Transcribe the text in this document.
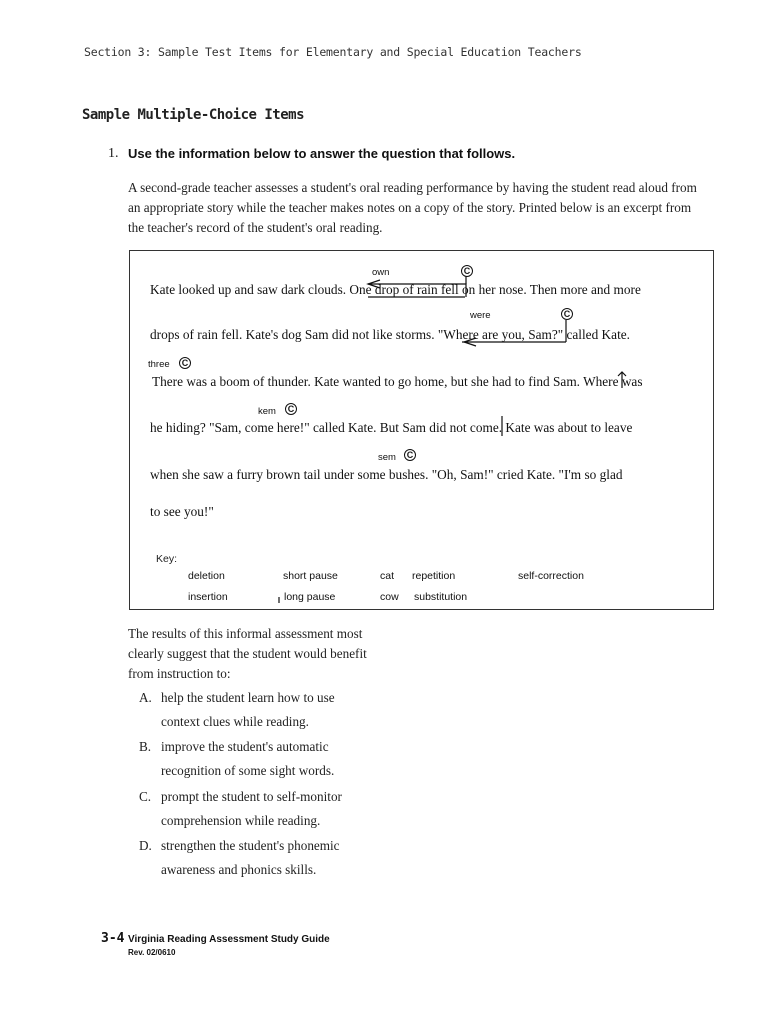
Section 3: Sample Test Items for Elementary and Special Education Teachers
Sample Multiple-Choice Items
1. Use the information below to answer the question that follows.
A second-grade teacher assesses a student's oral reading performance by having the student read aloud from an appropriate story while the teacher makes notes on a copy of the story. Printed below is an excerpt from the teacher's record of the student's oral reading.
Kate looked up and saw dark clouds. One drop of rain fell on her nose. Then more and more
drops of rain fell. Kate's dog Sam did not like storms. "Where are you, Sam?" called Kate.
There was a boom of thunder. Kate wanted to go home, but she had to find Sam. Where was
he hiding? "Sam, come here!" called Kate. But Sam did not come. Kate was about to leave
when she saw a furry brown tail under some bushes. "Oh, Sam!" cried Kate. "I'm so glad
to see you!"
own	C
were	C
three	C
kem	C
sem	C
Key:
deletion	short pause	cat repetition	self-correction
insertion	long pause	cow substitution
The results of this informal assessment most clearly suggest that the student would benefit from instruction to:
A. help the student learn how to use context clues while reading.
B. improve the student's automatic recognition of some sight words.
C. prompt the student to self-monitor comprehension while reading.
D. strengthen the student's phonemic awareness and phonics skills.
3-4 Virginia Reading Assessment Study Guide
Rev. 02/0610
